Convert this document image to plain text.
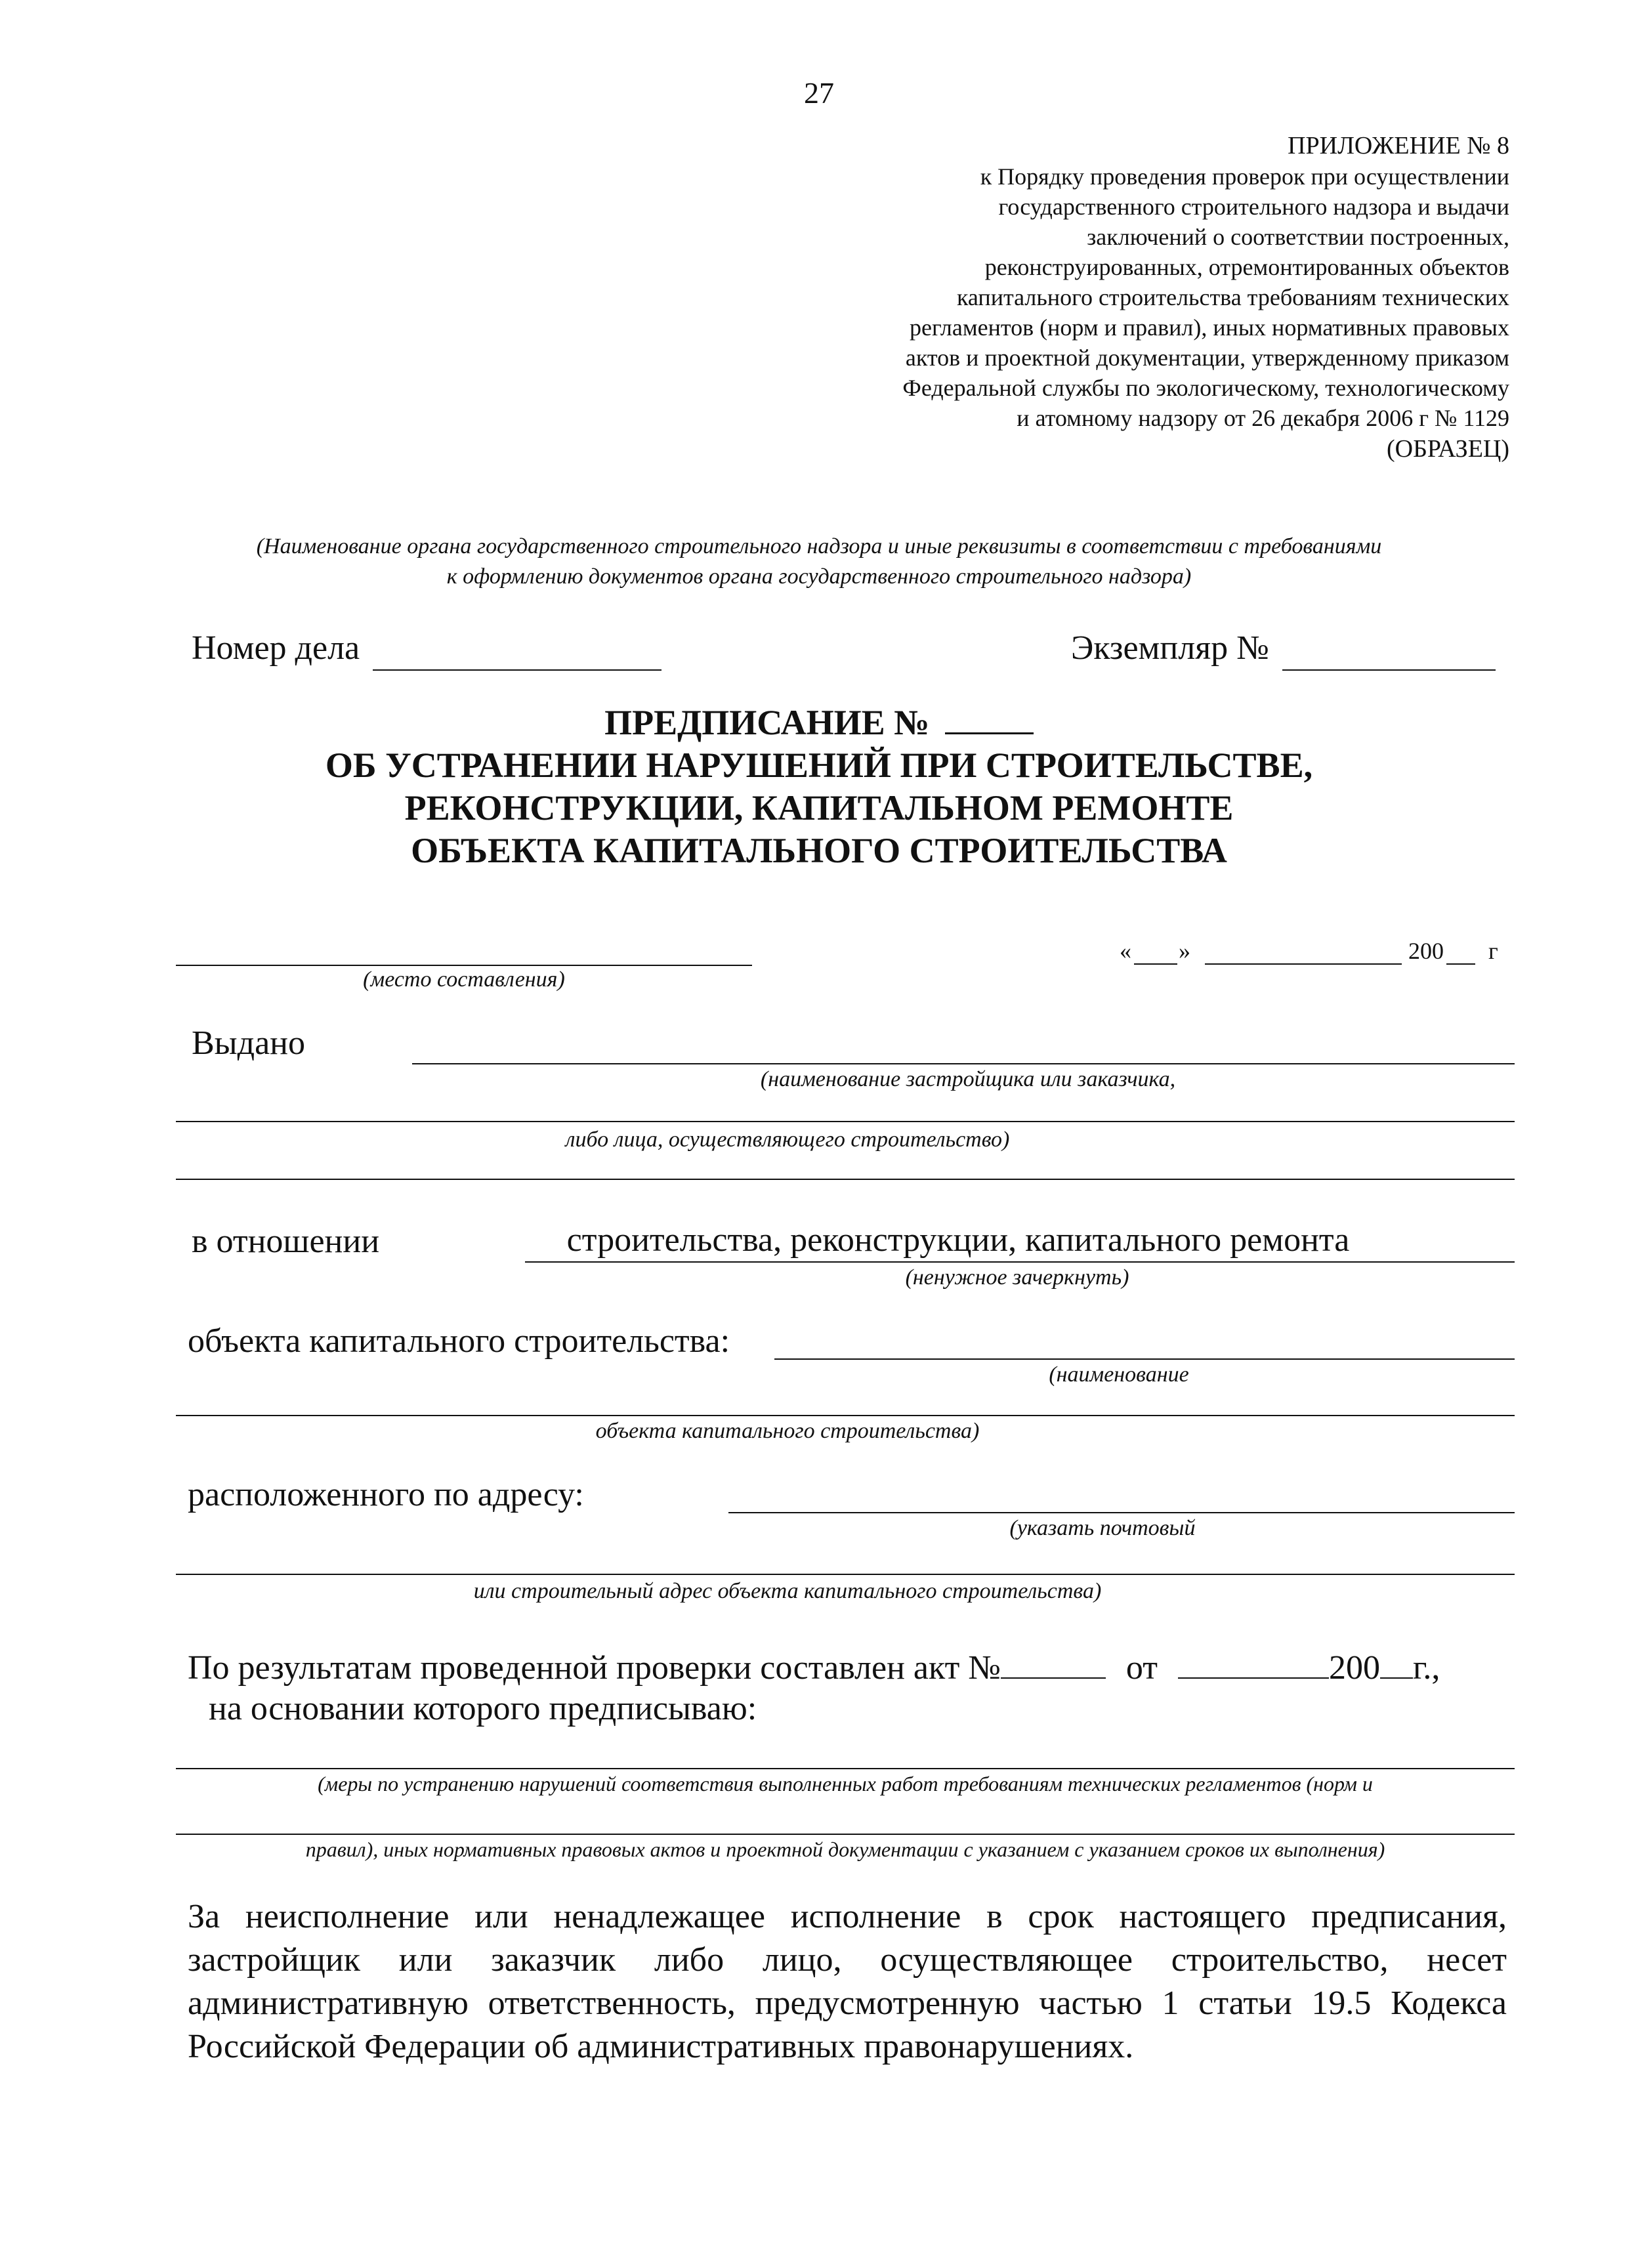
27
ПРИЛОЖЕНИЕ № 8
к Порядку проведения проверок при осуществлении
государственного строительного надзора и выдачи
заключений о соответствии построенных,
реконструированных, отремонтированных объектов
капитального строительства требованиям технических
регламентов (норм и правил), иных нормативных правовых
актов и проектной документации, утвержденному приказом
Федеральной службы по экологическому, технологическому
и атомному надзору от 26 декабря 2006 г № 1129
(ОБРАЗЕЦ)
(Наименование органа государственного строительного надзора и иные реквизиты в соответствии с требованиями
к оформлению документов органа государственного строительного надзора)
Номер дела	Экземпляр №
ПРЕДПИСАНИЕ №
ОБ УСТРАНЕНИИ НАРУШЕНИЙ ПРИ СТРОИТЕЛЬСТВЕ,
РЕКОНСТРУКЦИИ, КАПИТАЛЬНОМ РЕМОНТЕ
ОБЪЕКТА КАПИТАЛЬНОГО СТРОИТЕЛЬСТВА
(место составления)
« »	200 г
Выдано
(наименование застройщика или заказчика,
либо лица, осуществляющего строительство)
в отношении	строительства, реконструкции, капитального ремонта
(ненужное зачеркнуть)
объекта капитального строительства:
(наименование
объекта капитального строительства)
расположенного по адресу:
(указать почтовый
или строительный адрес объекта капитального строительства)
По результатам проведенной проверки составлен акт №	от	200 г.,
на основании которого предписываю:
(меры по устранению нарушений соответствия выполненных работ требованиям технических регламентов (норм и
правил), иных нормативных правовых актов и проектной документации с указанием с указанием сроков их выполнения)
За неисполнение или ненадлежащее исполнение в срок настоящего предписания, застройщик или заказчик либо лицо, осуществляющее строительство, несет административную ответственность, предусмотренную частью 1 статьи 19.5 Кодекса Российской Федерации об административных правонарушениях.
